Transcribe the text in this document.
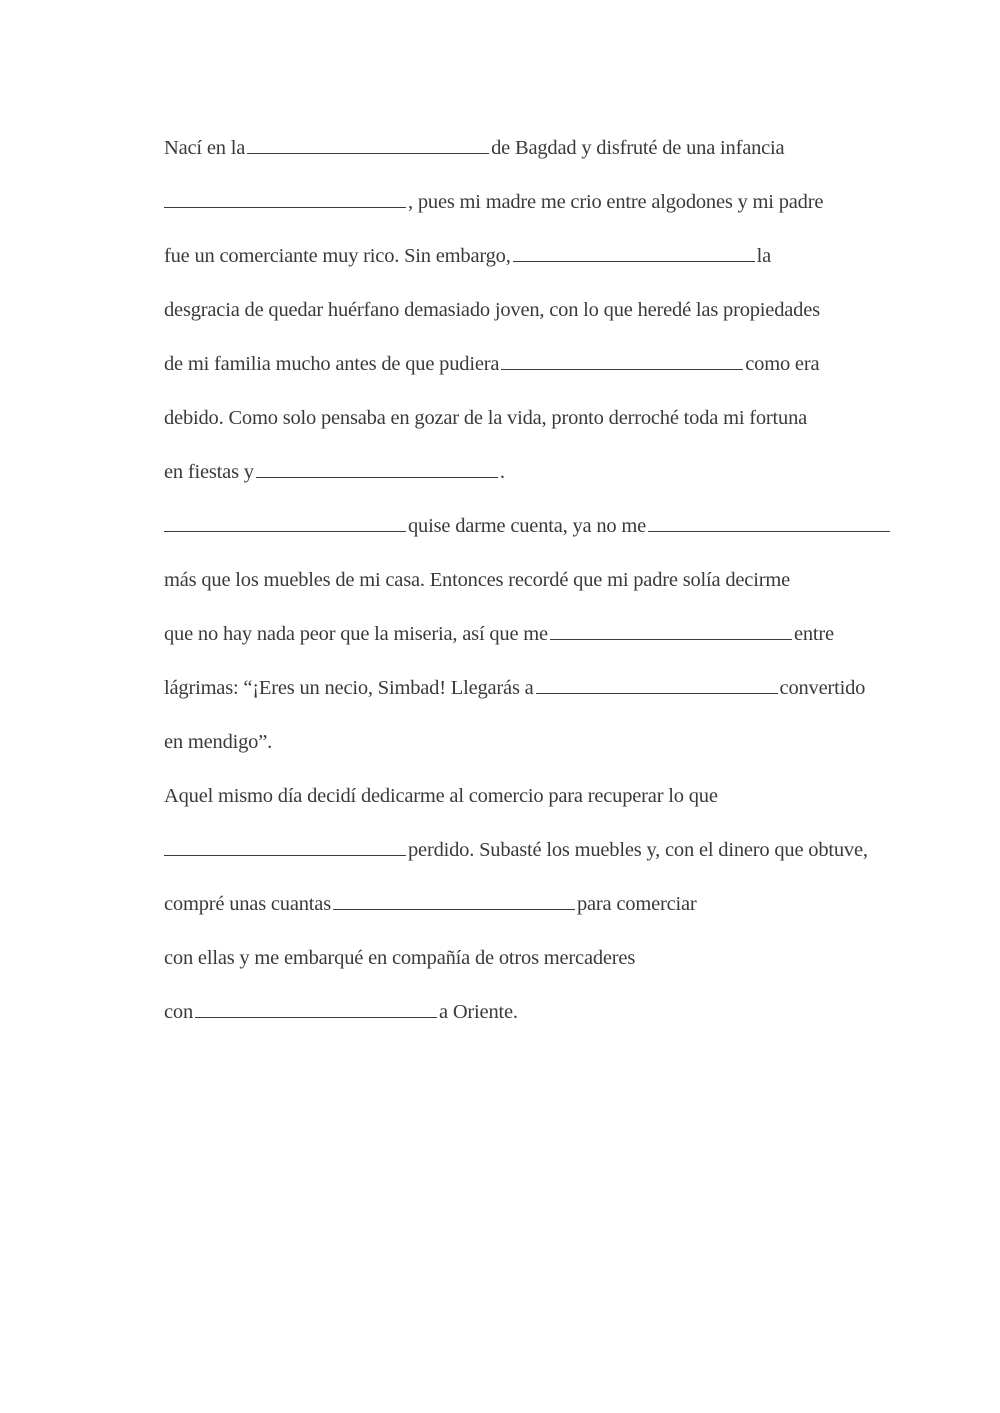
Nací en la	de Bagdad y disfruté de una infancia
, pues mi madre me crio entre algodones y mi padre
fue un comerciante muy rico. Sin embargo,	la
desgracia de quedar huérfano demasiado joven, con lo que heredé las propiedades
de mi familia mucho antes de que pudiera	como era
debido. Como solo pensaba en gozar de la vida, pronto derroché toda mi fortuna
en fiestas y	.
quise darme cuenta, ya no me
más que los muebles de mi casa. Entonces recordé que mi padre solía decirme
que no hay nada peor que la miseria, así que me	entre
lágrimas: “¡Eres un necio, Simbad! Llegarás a	convertido
en mendigo”.
Aquel mismo día decidí dedicarme al comercio para recuperar lo que
perdido. Subasté los muebles y, con el dinero que obtuve,
compré unas cuantas	para comerciar
con ellas y me embarqué en compañía de otros mercaderes
con	a Oriente.
